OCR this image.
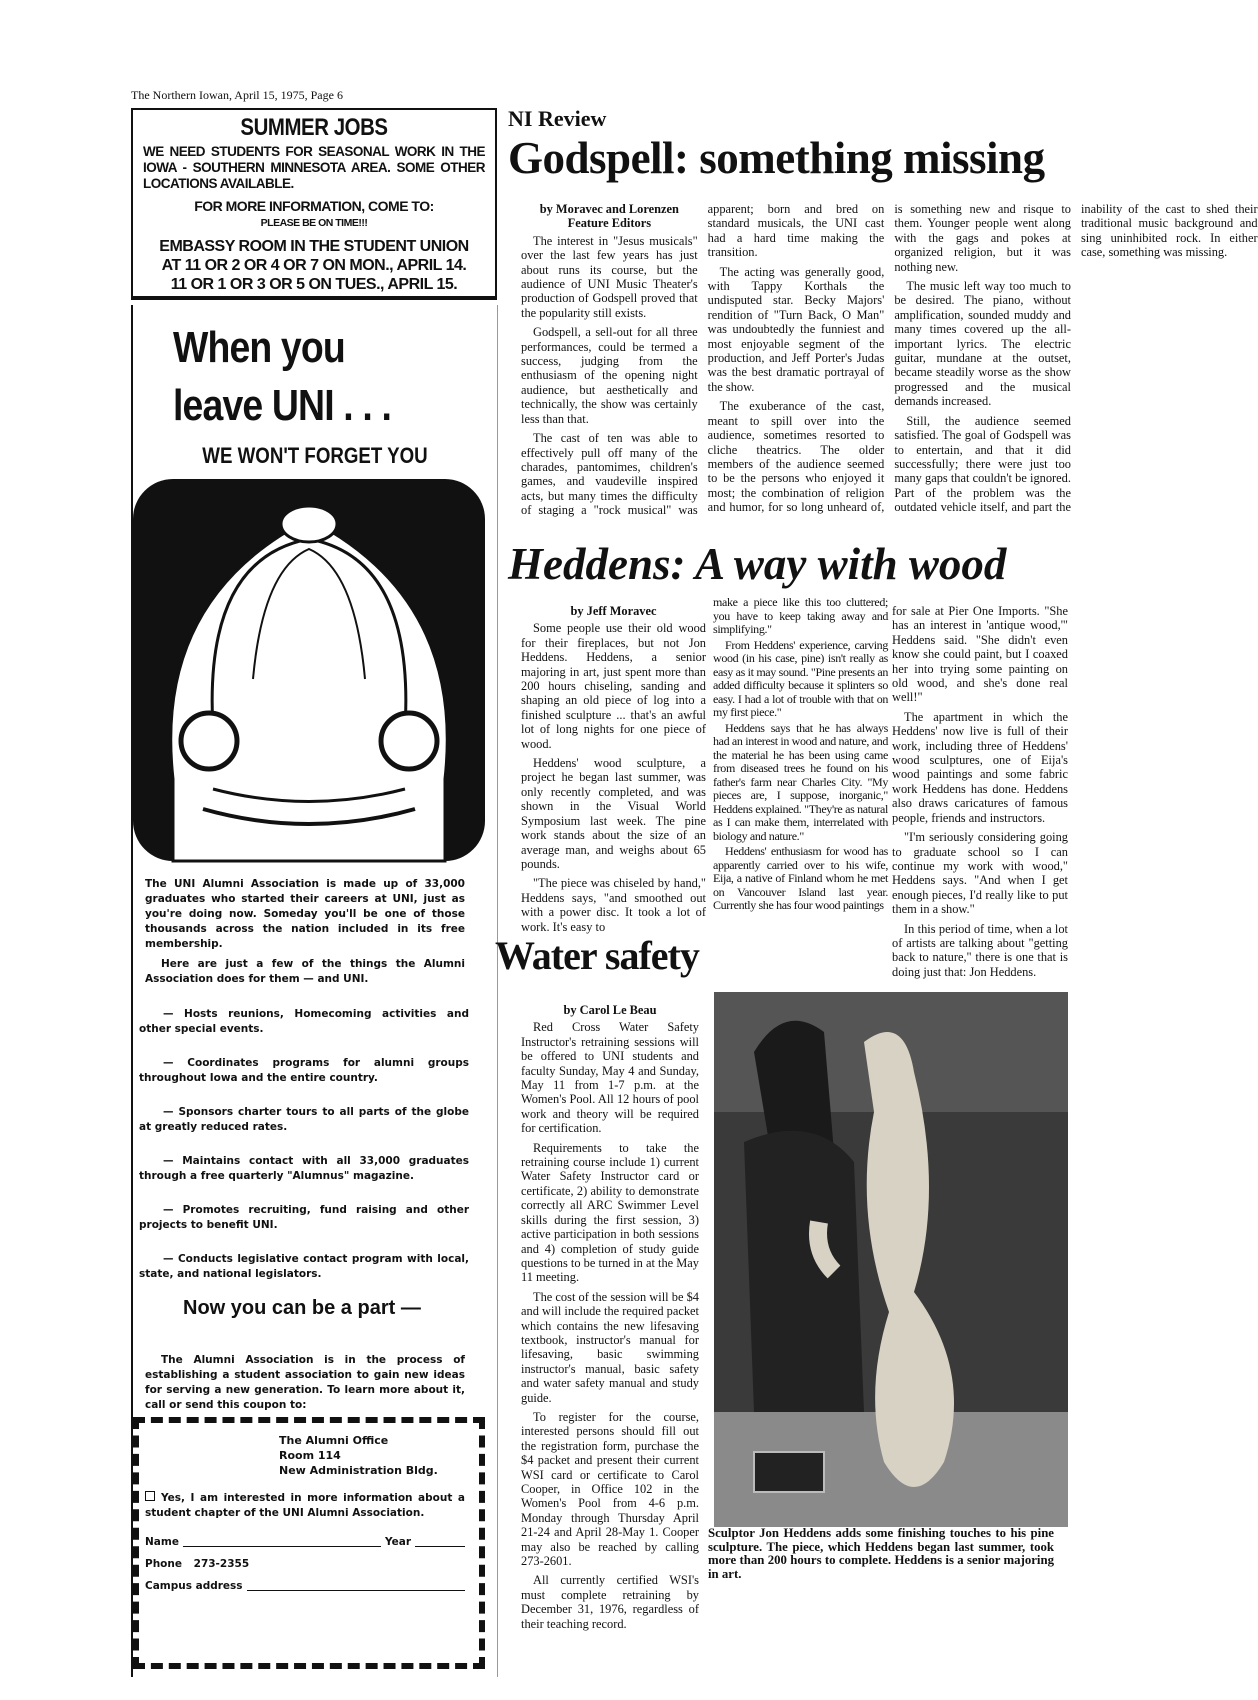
The Northern Iowan, April 15, 1975, Page 6
SUMMER JOBS
WE NEED STUDENTS FOR SEASONAL WORK IN THE IOWA - SOUTHERN MINNESOTA AREA. SOME OTHER LOCATIONS AVAILABLE.
FOR MORE INFORMATION, COME TO:
PLEASE BE ON TIME!!!
EMBASSY ROOM IN THE STUDENT UNION
AT 11 OR 2 OR 4 OR 7 ON MON., APRIL 14.
11 OR 1 OR 3 OR 5 ON TUES., APRIL 15.
When you
leave UNI . . .
WE WON'T FORGET YOU
The UNI Alumni Association is made up of 33,000 graduates who started their careers at UNI, just as you're doing now. Someday you'll be one of those thousands across the nation included in its free membership.
Here are just a few of the things the Alumni Association does for them — and UNI.
— Hosts reunions, Homecoming activities and other special events.
— Coordinates programs for alumni groups throughout Iowa and the entire country.
— Sponsors charter tours to all parts of the globe at greatly reduced rates.
— Maintains contact with all 33,000 graduates through a free quarterly "Alumnus" magazine.
— Promotes recruiting, fund raising and other projects to benefit UNI.
— Conducts legislative contact program with local, state, and national legislators.
Now you can be a part —
The Alumni Association is in the process of establishing a student association to gain new ideas for serving a new generation. To learn more about it, call or send this coupon to:
The Alumni Office
Room 114
New Administration Bldg.
Yes, I am interested in more information about a student chapter of the UNI Alumni Association.
Name	Year
Phone 273-2355
Campus address
NI Review
Godspell: something missing
by Moravec and Lorenzen
Feature Editors

The interest in "Jesus musicals" over the last few years has just about runs its course, but the audience of UNI Music Theater's production of Godspell proved that the popularity still exists.

Godspell, a sell-out for all three performances, could be termed a success, judging from the enthusiasm of the opening night audience, but aesthetically and technically, the show was certainly less than that.

The cast of ten was able to effectively pull off many of the charades, pantomimes, children's games, and vaudeville inspired acts, but many times the difficulty of staging a "rock musical" was apparent; born and bred on standard musicals, the UNI cast had a hard time making the transition.

The acting was generally good, with Tappy Korthals the undisputed star. Becky Majors' rendition of "Turn Back, O Man" was undoubtedly the funniest and most enjoyable segment of the production, and Jeff Porter's Judas was the best dramatic portrayal of the show.

The exuberance of the cast, meant to spill over into the audience, sometimes resorted to cliche theatrics. The older members of the audience seemed to be the persons who enjoyed it most; the combination of religion and humor, for so long unheard of, is something new and risque to them. Younger people went along with the gags and pokes at organized religion, but it was nothing new.

The music left way too much to be desired. The piano, without amplification, sounded muddy and many times covered up the all-important lyrics. The electric guitar, mundane at the outset, became steadily worse as the show progressed and the musical demands increased.

Still, the audience seemed satisfied. The goal of Godspell was to entertain, and that it did successfully; there were just too many gaps that couldn't be ignored. Part of the problem was the outdated vehicle itself, and part the inability of the cast to shed their traditional music background and sing uninhibited rock. In either case, something was missing.

Heddens: A way with wood
by Jeff Moravec

Some people use their old wood for their fireplaces, but not Jon Heddens. Heddens, a senior majoring in art, just spent more than 200 hours chiseling, sanding and shaping an old piece of log into a finished sculpture ... that's an awful lot of long nights for one piece of wood.

Heddens' wood sculpture, a project he began last summer, was only recently completed, and was shown in the Visual World Symposium last week. The pine work stands about the size of an average man, and weighs about 65 pounds.

"The piece was chiseled by hand," Heddens says, "and smoothed out with a power disc. It took a lot of work. It's easy to

make a piece like this too cluttered; you have to keep taking away and simplifying."

From Heddens' experience, carving wood (in his case, pine) isn't really as easy as it may sound. "Pine presents an added difficulty because it splinters so easy. I had a lot of trouble with that on my first piece."

Heddens says that he has always had an interest in wood and nature, and the material he has been using came from diseased trees he found on his father's farm near Charles City. "My pieces are, I suppose, inorganic," Heddens explained. "They're as natural as I can make them, interrelated with biology and nature."

Heddens' enthusiasm for wood has apparently carried over to his wife, Eija, a native of Finland whom he met on Vancouver Island last year. Currently she has four wood paintings

for sale at Pier One Imports. "She has an interest in 'antique wood,'" Heddens said. "She didn't even know she could paint, but I coaxed her into trying some painting on old wood, and she's done real well!"

The apartment in which the Heddens' now live is full of their work, including three of Heddens' wood sculptures, one of Eija's wood paintings and some fabric work Heddens has done. Heddens also draws caricatures of famous people, friends and instructors.

"I'm seriously considering going to graduate school so I can continue my work with wood," Heddens says. "And when I get enough pieces, I'd really like to put them in a show."

In this period of time, when a lot of artists are talking about "getting back to nature," there is one that is doing just that: Jon Heddens.

Water safety
by Carol Le Beau

Red Cross Water Safety Instructor's retraining sessions will be offered to UNI students and faculty Sunday, May 4 and Sunday, May 11 from 1-7 p.m. at the Women's Pool. All 12 hours of pool work and theory will be required for certification.

Requirements to take the retraining course include 1) current Water Safety Instructor card or certificate, 2) ability to demonstrate correctly all ARC Swimmer Level skills during the first session, 3) active participation in both sessions and 4) completion of study guide questions to be turned in at the May 11 meeting.

The cost of the session will be $4 and will include the required packet which contains the new lifesaving textbook, instructor's manual for lifesaving, basic swimming instructor's manual, basic safety and water safety manual and study guide.

To register for the course, interested persons should fill out the registration form, purchase the $4 packet and present their current WSI card or certificate to Carol Cooper, in Office 102 in the Women's Pool from 4-6 p.m. Monday through Thursday April 21-24 and April 28-May 1. Cooper may also be reached by calling 273-2601.

All currently certified WSI's must complete retraining by December 31, 1976, regardless of their teaching record.

Sculptor Jon Heddens adds some finishing touches to his pine sculpture. The piece, which Heddens began last summer, took more than 200 hours to complete. Heddens is a senior majoring in art.
